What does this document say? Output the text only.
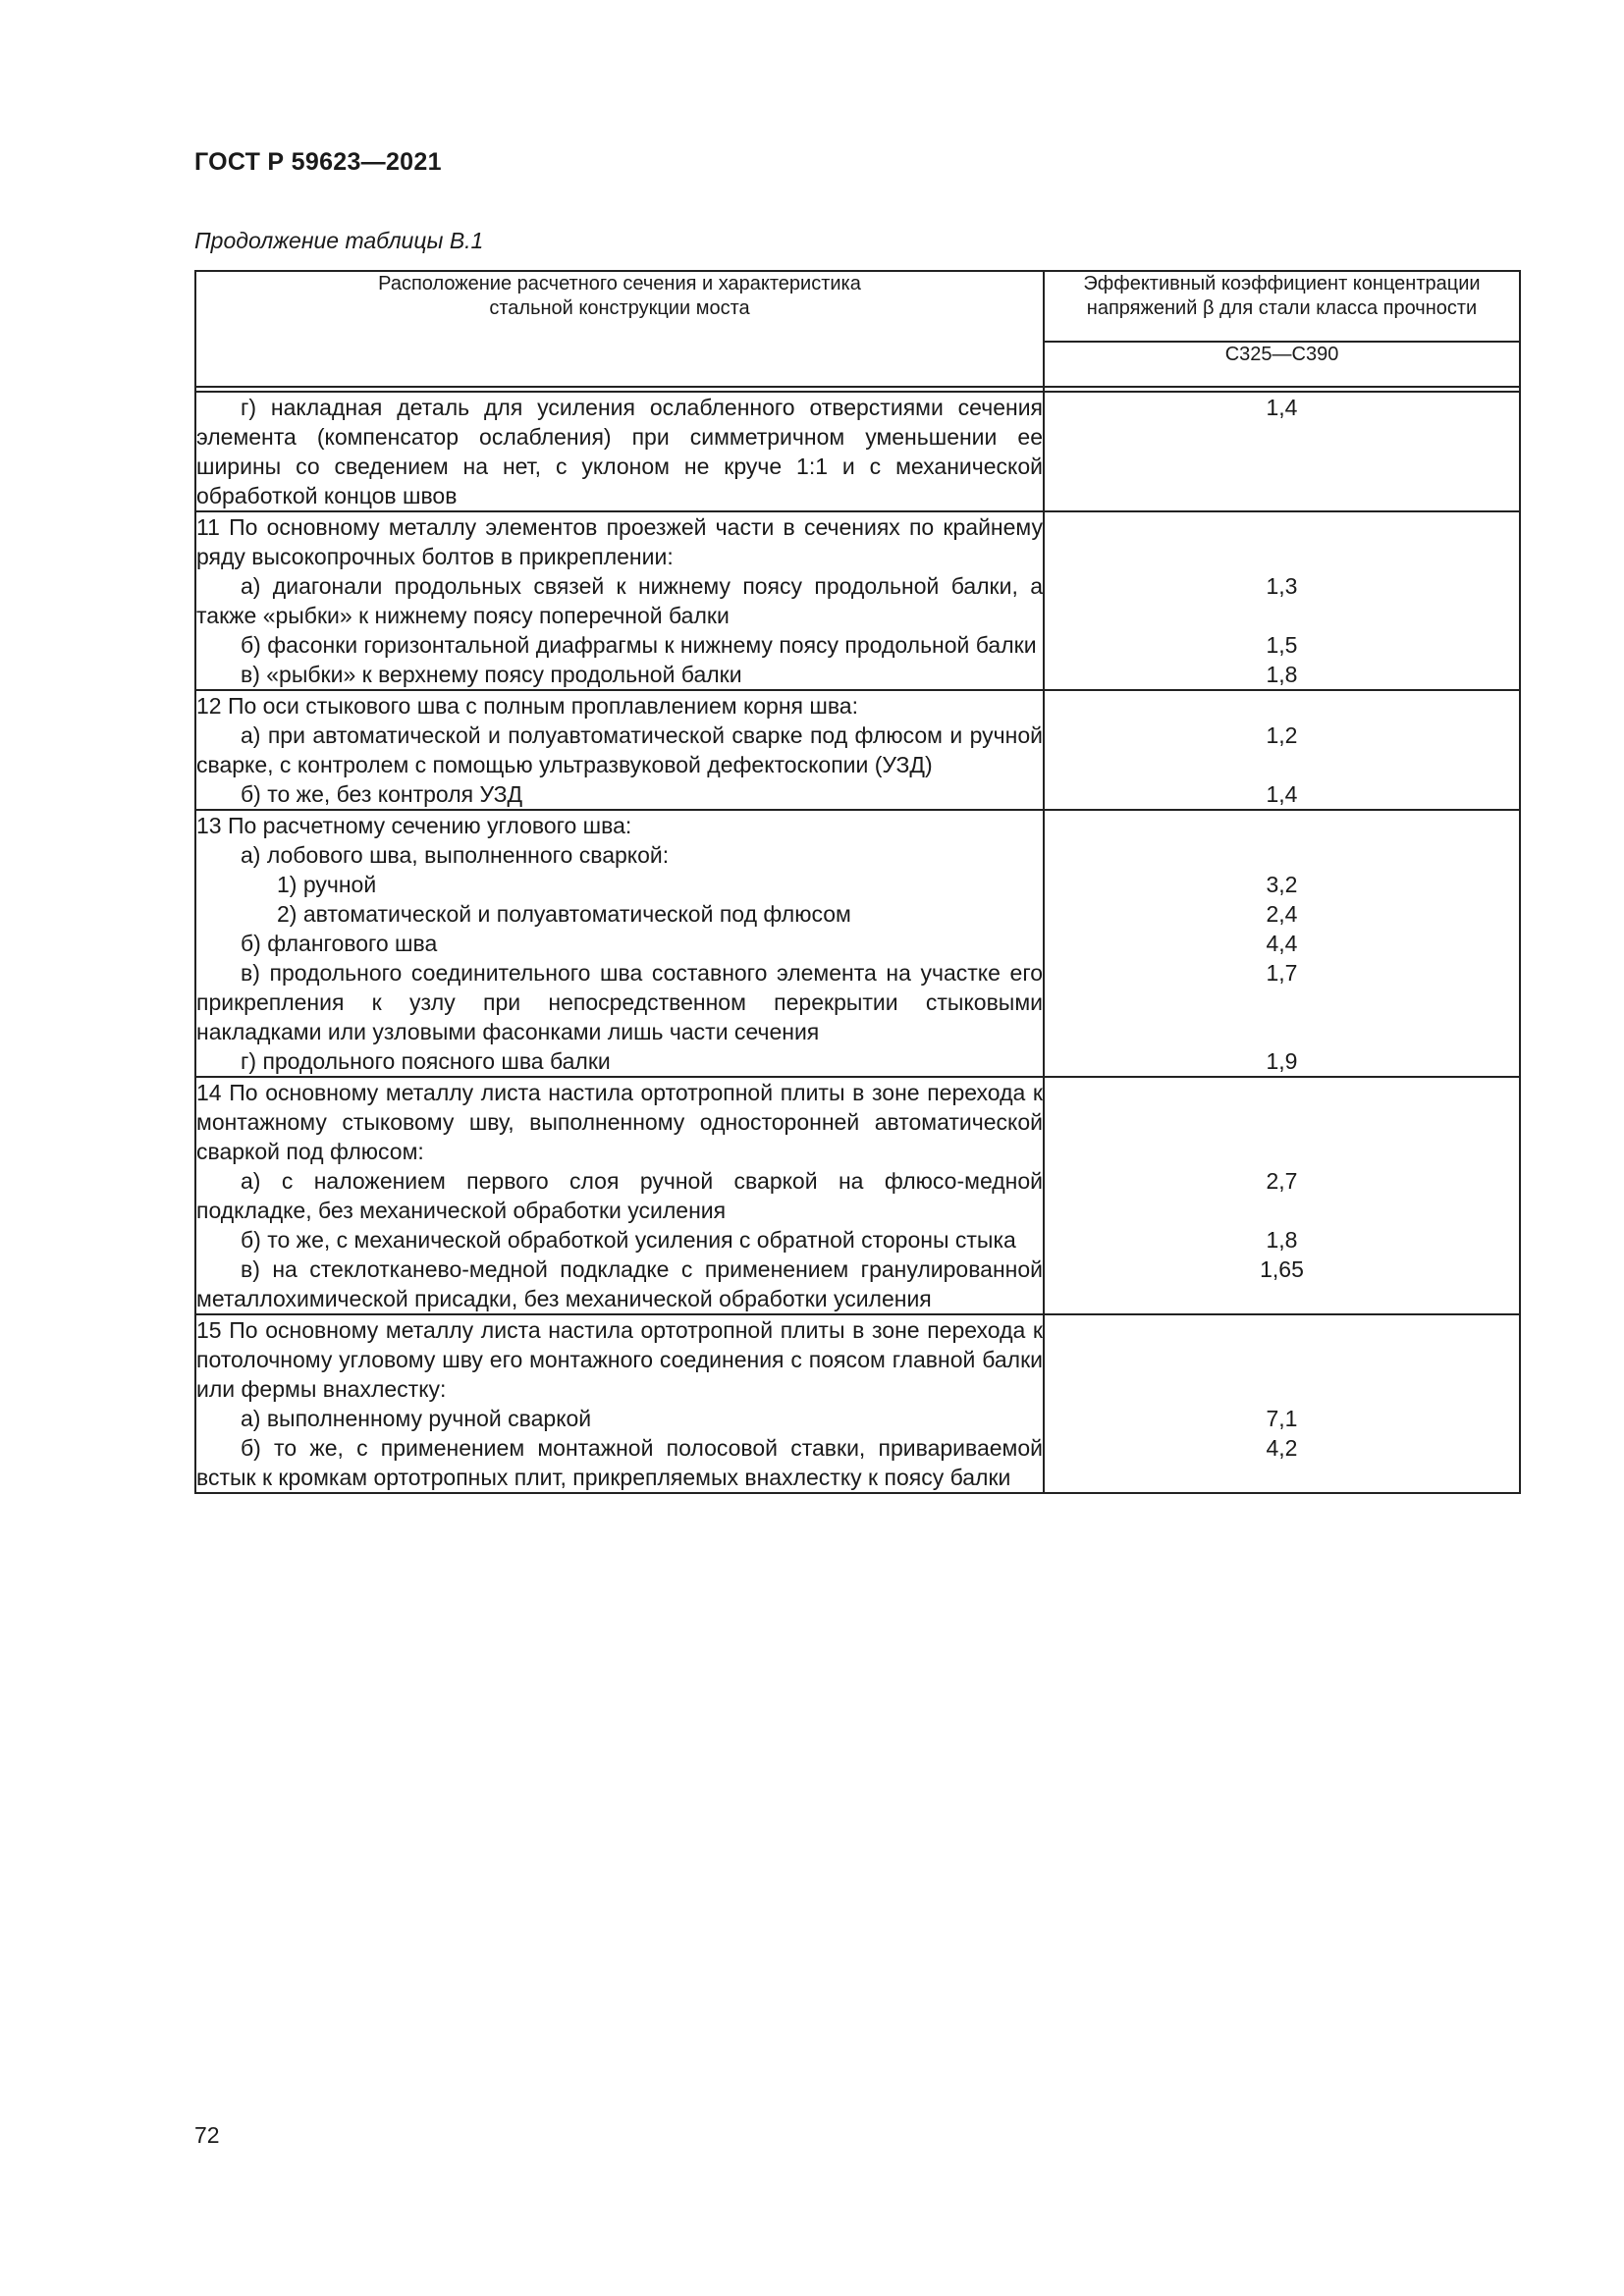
ГОСТ Р 59623—2021
Продолжение таблицы В.1
Расположение расчетного сечения и характеристика стальной конструкции моста	Эффективный коэффициент концентрации напряжений β для стали класса прочности
	С325—С390

г) накладная деталь для усиления ослабленного отверстиями сечения элемента (компенсатор ослабления) при симметричном уменьшении ее ширины со сведением на нет, с уклоном не круче 1:1 и с механической обработкой концов швов	1,4
11 По основному металлу элементов проезжей части в сечениях по крайнему ряду высокопрочных болтов в прикреплении:	
а) диагонали продольных связей к нижнему поясу продольной балки, а также «рыбки» к нижнему поясу поперечной балки	1,3
б) фасонки горизонтальной диафрагмы к нижнему поясу продольной балки	1,5
в) «рыбки» к верхнему поясу продольной балки	1,8
12 По оси стыкового шва с полным проплавлением корня шва:	
а) при автоматической и полуавтоматической сварке под флюсом и ручной сварке, с контролем с помощью ультразвуковой дефектоскопии (УЗД)	1,2
б) то же, без контроля УЗД	1,4
13 По расчетному сечению углового шва:	
а) лобового шва, выполненного сваркой:	
1) ручной	3,2
2) автоматической и полуавтоматической под флюсом	2,4
б) флангового шва	4,4
в) продольного соединительного шва составного элемента на участке его прикрепления к узлу при непосредственном перекрытии стыковыми накладками или узловыми фасонками лишь части сечения	1,7
г) продольного поясного шва балки	1,9
14 По основному металлу листа настила ортотропной плиты в зоне перехода к монтажному стыковому шву, выполненному односторонней автоматической сваркой под флюсом:	
а) с наложением первого слоя ручной сваркой на флюсо-медной подкладке, без механической обработки усиления	2,7
б) то же, с механической обработкой усиления с обратной стороны стыка	1,8
в) на стеклотканево-медной подкладке с применением гранулированной металлохимической присадки, без механической обработки усиления	1,65
15 По основному металлу листа настила ортотропной плиты в зоне перехода к потолочному угловому шву его монтажного соединения с поясом главной балки или фермы внахлестку:	
а) выполненному ручной сваркой	7,1
б) то же, с применением монтажной полосовой ставки, привариваемой встык к кромкам ортотропных плит, прикрепляемых внахлестку к поясу балки	4,2
72
